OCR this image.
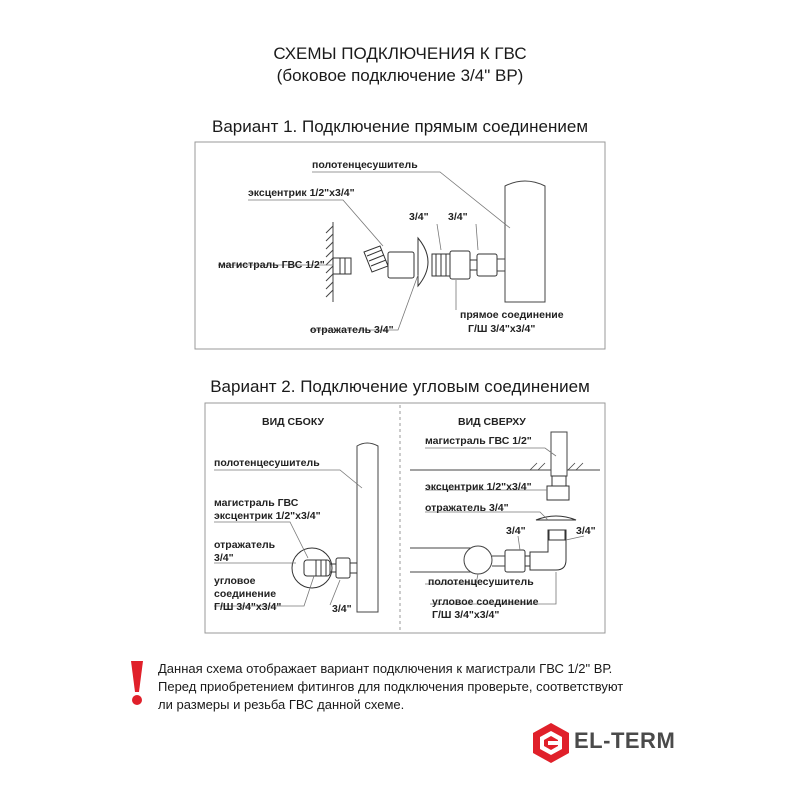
СХЕМЫ ПОДКЛЮЧЕНИЯ К ГВС
(боковое подключение 3/4" ВР)
Вариант 1. Подключение прямым соединением
Вариант 2. Подключение угловым соединением
полотенцесушитель
эксцентрик 1/2"x3/4"
магистраль ГВС 1/2"
отражатель 3/4"
3/4" 3/4"
прямое соединение
Г/Ш 3/4"x3/4"
ВИД СБОКУ	ВИД СВЕРХУ
полотенцесушитель
магистраль ГВС
эксцентрик 1/2"x3/4"
отражатель
3/4"
угловое
соединение
Г/Ш 3/4"x3/4"	3/4"
магистраль ГВС 1/2"
эксцентрик 1/2"x3/4"
отражатель 3/4"
3/4"	3/4"
полотенцесушитель
угловое соединение
Г/Ш 3/4"x3/4"
Данная схема отображает вариант подключения к магистрали ГВС 1/2" ВР.
Перед приобретением фитингов для подключения проверьте, соответствуют
ли размеры и резьба ГВС данной схеме.
EL-TERM
